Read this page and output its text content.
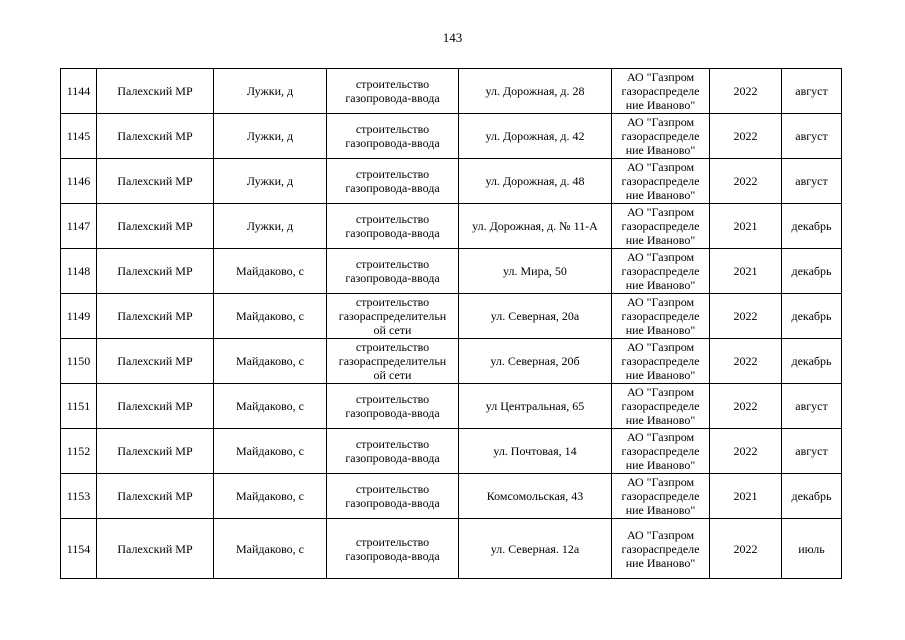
143
1144	Палехский МР	Лужки, д	строительство
газопровода-ввода	ул. Дорожная, д. 28	АО "Газпром
газораспределе
ние Иваново"	2022	август
1145	Палехский МР	Лужки, д	строительство
газопровода-ввода	ул. Дорожная, д. 42	АО "Газпром
газораспределе
ние Иваново"	2022	август
1146	Палехский МР	Лужки, д	строительство
газопровода-ввода	ул. Дорожная, д. 48	АО "Газпром
газораспределе
ние Иваново"	2022	август
1147	Палехский МР	Лужки, д	строительство
газопровода-ввода	ул. Дорожная, д. № 11-А	АО "Газпром
газораспределе
ние Иваново"	2021	декабрь
1148	Палехский МР	Майдаково, с	строительство
газопровода-ввода	ул. Мира, 50	АО "Газпром
газораспределе
ние Иваново"	2021	декабрь
1149	Палехский МР	Майдаково, с	строительство
газораспределительн
ой сети	ул. Северная, 20а	АО "Газпром
газораспределе
ние Иваново"	2022	декабрь
1150	Палехский МР	Майдаково, с	строительство
газораспределительн
ой сети	ул. Северная, 20б	АО "Газпром
газораспределе
ние Иваново"	2022	декабрь
1151	Палехский МР	Майдаково, с	строительство
газопровода-ввода	ул Центральная, 65	АО "Газпром
газораспределе
ние Иваново"	2022	август
1152	Палехский МР	Майдаково, с	строительство
газопровода-ввода	ул. Почтовая, 14	АО "Газпром
газораспределе
ние Иваново"	2022	август
1153	Палехский МР	Майдаково, с	строительство
газопровода-ввода	Комсомольская, 43	АО "Газпром
газораспределе
ние Иваново"	2021	декабрь
1154	Палехский МР	Майдаково, с	строительство
газопровода-ввода	ул. Северная. 12а	АО "Газпром
газораспределе
ние Иваново"	2022	июль
